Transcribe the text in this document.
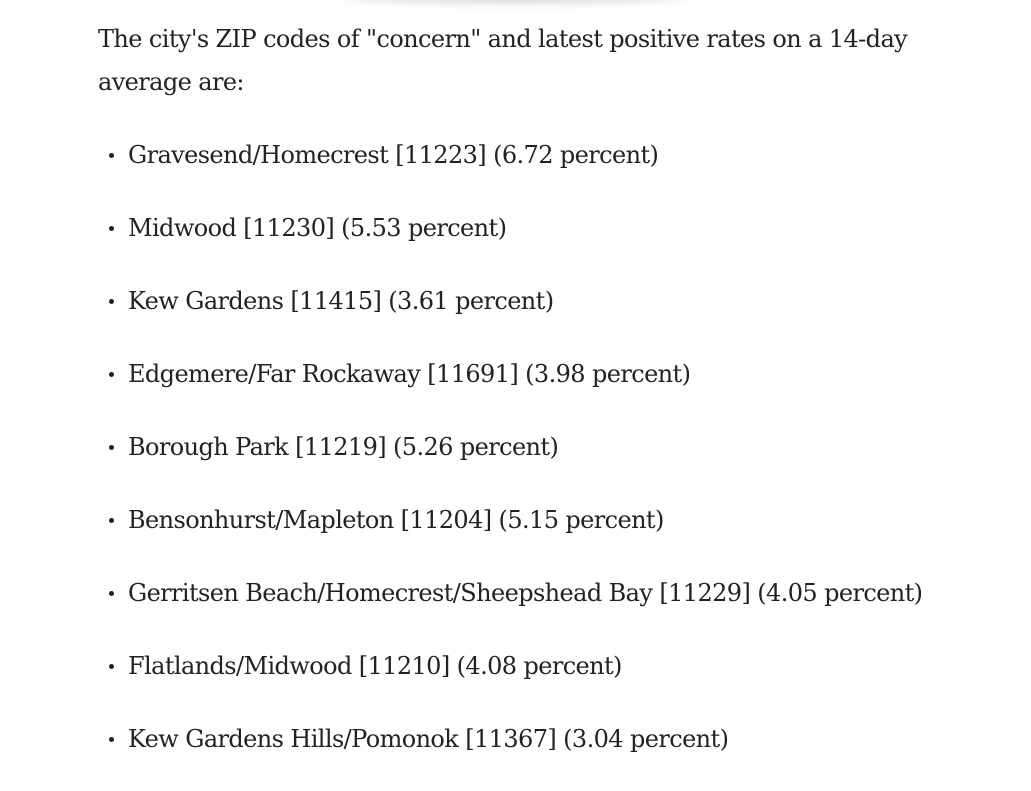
The city's ZIP codes of "concern" and latest positive rates on a 14-day average are:

Gravesend/Homecrest [11223] (6.72 percent)
Midwood [11230] (5.53 percent)
Kew Gardens [11415] (3.61 percent)
Edgemere/Far Rockaway [11691] (3.98 percent)
Borough Park [11219] (5.26 percent)
Bensonhurst/Mapleton [11204] (5.15 percent)
Gerritsen Beach/Homecrest/Sheepshead Bay [11229] (4.05 percent)
Flatlands/Midwood [11210] (4.08 percent)
Kew Gardens Hills/Pomonok [11367] (3.04 percent)
